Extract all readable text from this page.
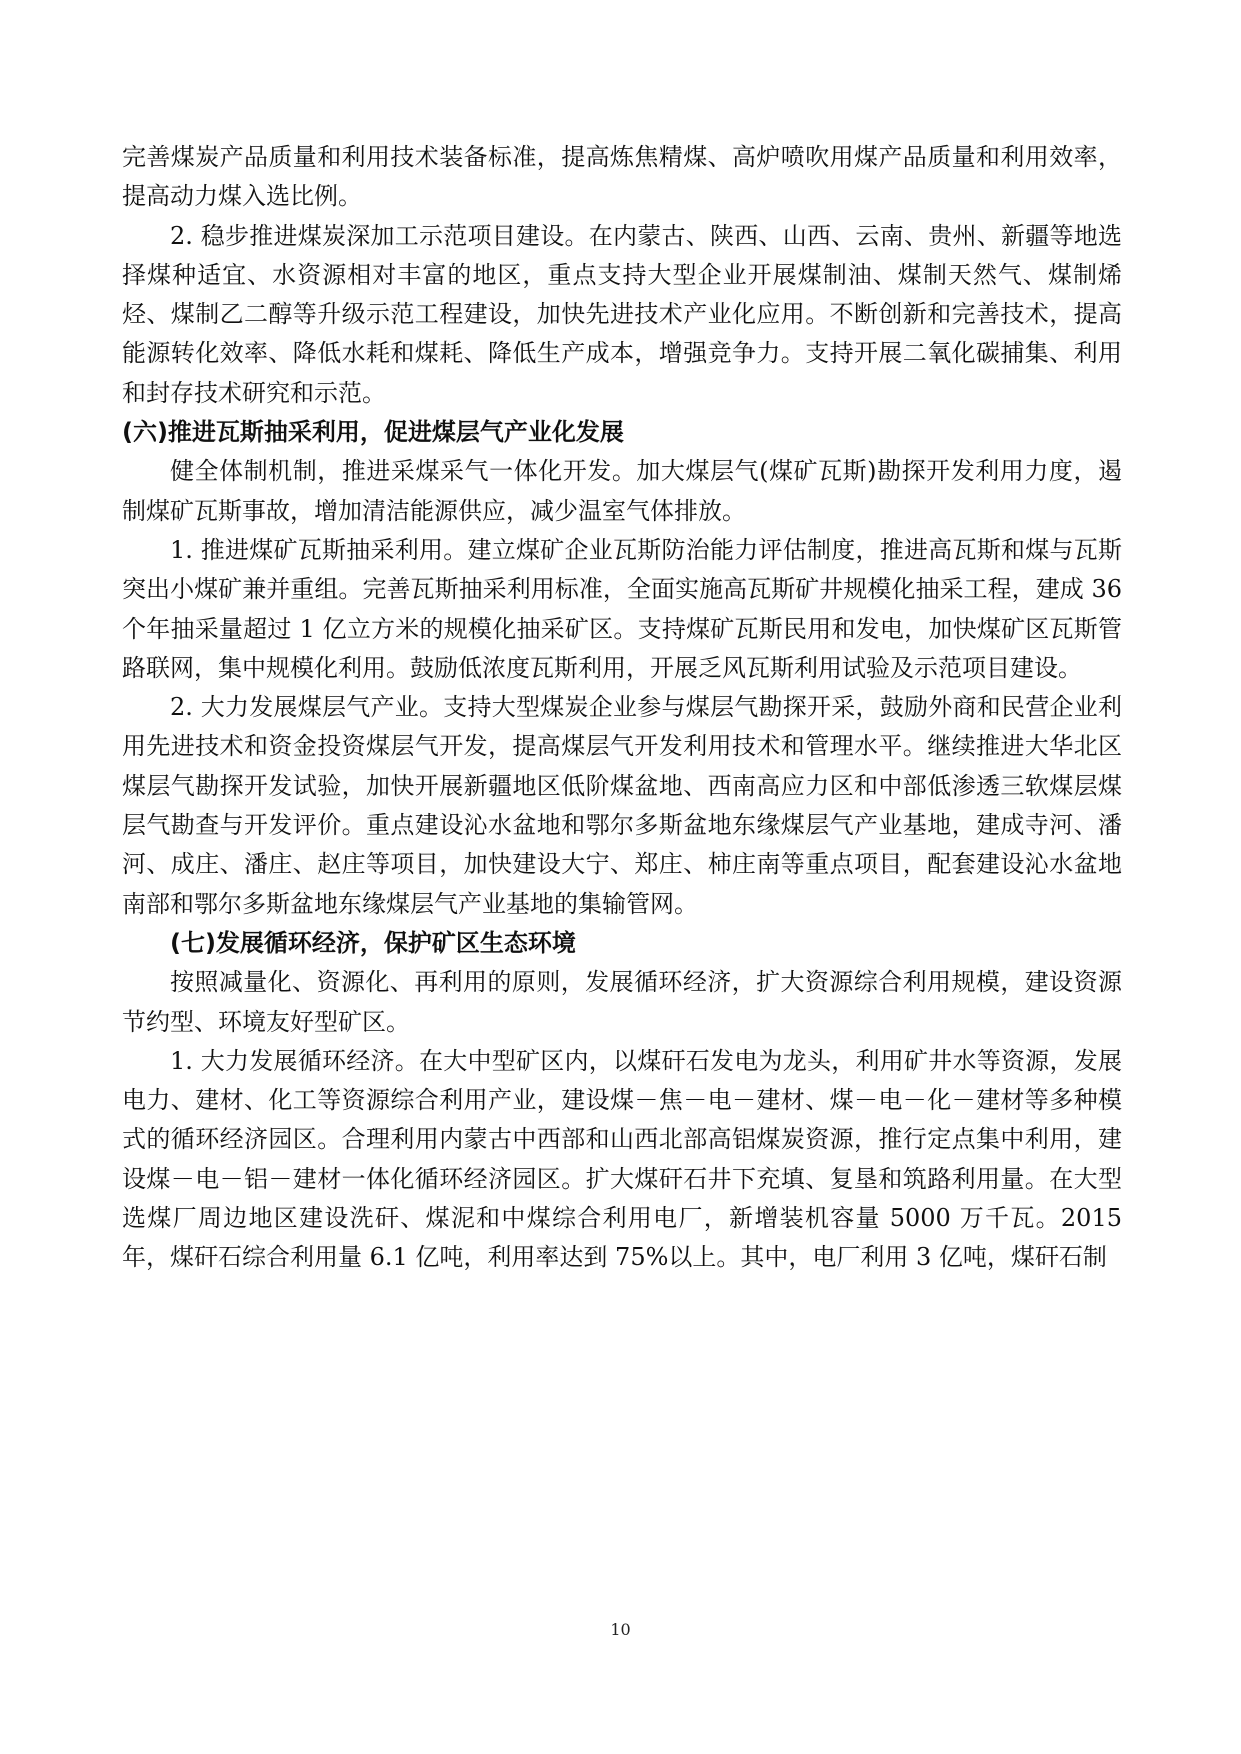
完善煤炭产品质量和利用技术装备标准，提高炼焦精煤、高炉喷吹用煤产品质量和利用效率，提高动力煤入选比例。

2. 稳步推进煤炭深加工示范项目建设。在内蒙古、陕西、山西、云南、贵州、新疆等地选择煤种适宜、水资源相对丰富的地区，重点支持大型企业开展煤制油、煤制天然气、煤制烯烃、煤制乙二醇等升级示范工程建设，加快先进技术产业化应用。不断创新和完善技术，提高能源转化效率、降低水耗和煤耗、降低生产成本，增强竞争力。支持开展二氧化碳捕集、利用和封存技术研究和示范。

(六)推进瓦斯抽采利用，促进煤层气产业化发展

健全体制机制，推进采煤采气一体化开发。加大煤层气(煤矿瓦斯)勘探开发利用力度，遏制煤矿瓦斯事故，增加清洁能源供应，减少温室气体排放。

1. 推进煤矿瓦斯抽采利用。建立煤矿企业瓦斯防治能力评估制度，推进高瓦斯和煤与瓦斯突出小煤矿兼并重组。完善瓦斯抽采利用标准，全面实施高瓦斯矿井规模化抽采工程，建成 36 个年抽采量超过 1 亿立方米的规模化抽采矿区。支持煤矿瓦斯民用和发电，加快煤矿区瓦斯管路联网，集中规模化利用。鼓励低浓度瓦斯利用，开展乏风瓦斯利用试验及示范项目建设。

2. 大力发展煤层气产业。支持大型煤炭企业参与煤层气勘探开采，鼓励外商和民营企业利用先进技术和资金投资煤层气开发，提高煤层气开发利用技术和管理水平。继续推进大华北区煤层气勘探开发试验，加快开展新疆地区低阶煤盆地、西南高应力区和中部低渗透三软煤层煤层气勘查与开发评价。重点建设沁水盆地和鄂尔多斯盆地东缘煤层气产业基地，建成寺河、潘河、成庄、潘庄、赵庄等项目，加快建设大宁、郑庄、柿庄南等重点项目，配套建设沁水盆地南部和鄂尔多斯盆地东缘煤层气产业基地的集输管网。

(七)发展循环经济，保护矿区生态环境

按照减量化、资源化、再利用的原则，发展循环经济，扩大资源综合利用规模，建设资源节约型、环境友好型矿区。

1. 大力发展循环经济。在大中型矿区内，以煤矸石发电为龙头，利用矿井水等资源，发展电力、建材、化工等资源综合利用产业，建设煤－焦－电－建材、煤－电－化－建材等多种模式的循环经济园区。合理利用内蒙古中西部和山西北部高铝煤炭资源，推行定点集中利用，建设煤－电－铝－建材一体化循环经济园区。扩大煤矸石井下充填、复垦和筑路利用量。在大型选煤厂周边地区建设洗矸、煤泥和中煤综合利用电厂，新增装机容量 5000 万千瓦。2015 年，煤矸石综合利用量 6.1 亿吨，利用率达到 75%以上。其中，电厂利用 3 亿吨，煤矸石制

10
